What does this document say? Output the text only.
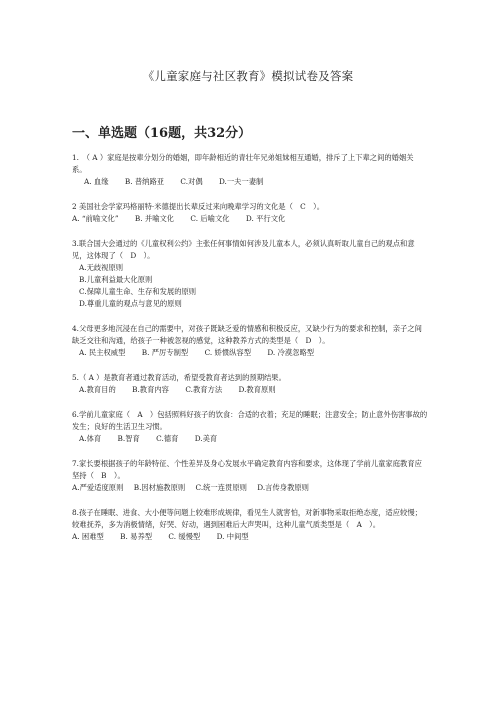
《儿童家庭与社区教育》模拟试卷及答案
一、单选题（16题，共32分）
1.　（ A ）家庭是按辈分划分的婚姻，即年龄相近的青壮年兄弟姐妹相互通婚，排斥了上下辈之间的婚姻关系。
A. 血缘 B. 普纳路亚 C.对偶 D.一夫一妻制
2 美国社会学家玛格丽特·米德提出长辈反过来向晚辈学习的文化是（　C　）。
A. “前喻文化” B. 并喻文化 C. 后喻文化 D. 平行文化
3.联合国大会通过的《儿童权利公约》主张任何事情如何涉及儿童本人，必须认真听取儿童自己的观点和意见，这体现了（　D　）。
A.无歧视原则
B.儿童利益最大化原则
C.保障儿童生命、生存和发展的原则
D.尊重儿童的观点与意见的原则
4.父母更多地沉浸在自己的需要中，对孩子既缺乏爱的情感和积极反应，又缺少行为的要求和控制，亲子之间缺乏交往和沟通，给孩子一种被忽视的感觉，这种教养方式的类型是（　D　）。
A. 民主权威型 B. 严厉专制型 C. 娇惯纵容型 D. 冷漠忽略型
5.（ A ）是教育者通过教育活动，希望受教育者达到的预期结果。
A.教育目的 B.教育内容 C.教育方法 D.教育原则
6.学前儿童家庭（　A　）包括照料好孩子的饮食：合适的衣着；充足的睡眠；注意安全；防止意外伤害事故的发生；良好的生活卫生习惯。
A.体育 B.智育 C.德育 D.美育
7.家长要根据孩子的年龄特征、个性差异及身心发展水平确定教育内容和要求，这体现了学前儿童家庭教育应坚持（　B　）。
A.严爱适度原则 B.因材施教原则 C.统一连贯原则 D.言传身教原则
8.孩子在睡眠、进食、大小便等问题上较难形成规律，看见生人就害怕，对新事物采取拒绝态度，适应较慢；较难抚养，多为消极情绪，好哭、好动，遇到困难后大声哭叫，这种儿童气质类型是（　A　）。
A. 困难型 B. 易养型 C. 缓慢型 D. 中间型
